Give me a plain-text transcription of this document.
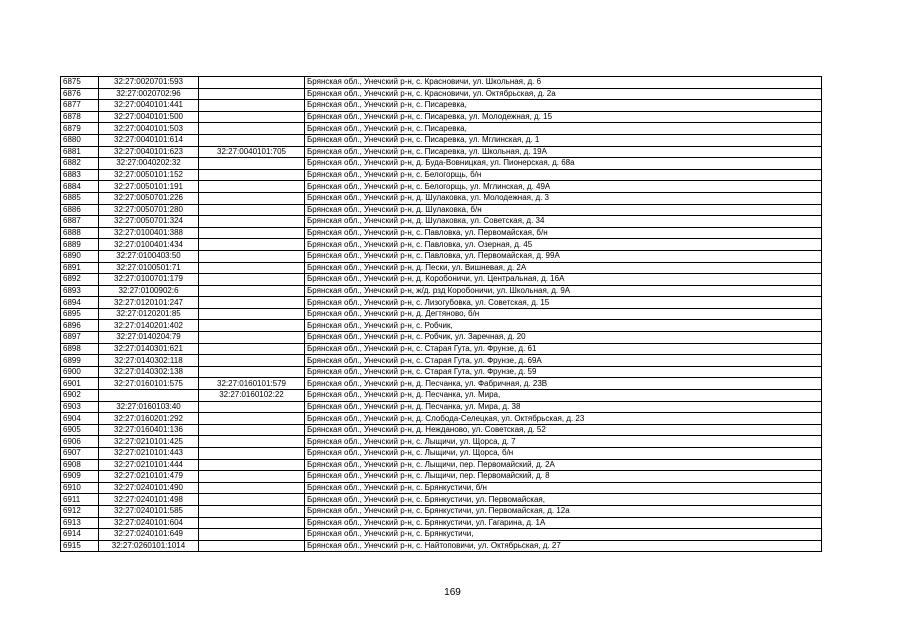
6875	32:27:0020701:593		Брянская обл., Унечский р-н, с. Красновичи, ул. Школьная, д. 6
6876	32:27:0020702:96		Брянская обл., Унечский р-н, с. Красновичи, ул. Октябрьская, д. 2а
6877	32:27:0040101:441		Брянская обл., Унечский р-н, с. Писаревка,
6878	32:27:0040101:500		Брянская обл., Унечский р-н, с. Писаревка, ул. Молодежная, д. 15
6879	32:27:0040101:503		Брянская обл., Унечский р-н, с. Писаревка,
6880	32:27:0040101:614		Брянская обл., Унечский р-н, с. Писаревка, ул. Мглинская, д. 1
6881	32:27:0040101:623	32:27:0040101:705	Брянская обл., Унечский р-н, с. Писаревка, ул. Школьная, д. 19А
6882	32:27:0040202:32		Брянская обл., Унечский р-н, д. Буда-Вовницкая, ул. Пионерская, д. 68а
6883	32:27:0050101:152		Брянская обл., Унечский р-н, с. Белогорщь, б/н
6884	32:27:0050101:191		Брянская обл., Унечский р-н, с. Белогорщь, ул. Мглинская, д. 49А
6885	32:27:0050701:226		Брянская обл., Унечский р-н, д. Шулаковка, ул. Молодежная, д. 3
6886	32:27:0050701:280		Брянская обл., Унечский р-н, д. Шулаковка, б/н
6887	32:27:0050701:324		Брянская обл., Унечский р-н, д. Шулаковка, ул. Советская, д. 34
6888	32:27:0100401:388		Брянская обл., Унечский р-н, с. Павловка, ул. Первомайская, б/н
6889	32:27:0100401:434		Брянская обл., Унечский р-н, с. Павловка, ул. Озерная, д. 45
6890	32:27:0100403:50		Брянская обл., Унечский р-н, с. Павловка, ул. Первомайская, д. 99А
6891	32:27:0100501:71		Брянская обл., Унечский р-н, д. Пески, ул. Вишневая, д. 2А
6892	32:27:0100701:179		Брянская обл., Унечский р-н, д. Коробоничи, ул. Центральная, д. 16А
6893	32:27:0100902:6		Брянская обл., Унечский р-н, ж/д. рзд Коробоничи, ул. Школьная, д. 9А
6894	32:27:0120101:247		Брянская обл., Унечский р-н, с. Лизогубовка, ул. Советская, д. 15
6895	32:27:0120201:85		Брянская обл., Унечский р-н, д. Дегтяново, б/н
6896	32:27:0140201:402		Брянская обл., Унечский р-н, с. Робчик,
6897	32:27:0140204:79		Брянская обл., Унечский р-н, с. Робчик, ул. Заречная, д. 20
6898	32:27:0140301:621		Брянская обл., Унечский р-н, с. Старая Гута, ул. Фрунзе, д. 61
6899	32:27:0140302:118		Брянская обл., Унечский р-н, с. Старая Гута, ул. Фрунзе, д. 69А
6900	32:27:0140302:138		Брянская обл., Унечский р-н, с. Старая Гута, ул. Фрунзе, д. 59
6901	32:27:0160101:575	32:27:0160101:579	Брянская обл., Унечский р-н, д. Песчанка, ул. Фабричная, д. 23В
6902		32:27:0160102:22	Брянская обл., Унечский р-н, д. Песчанка, ул. Мира,
6903	32:27:0160103:40		Брянская обл., Унечский р-н, д. Песчанка, ул. Мира, д. 38
6904	32:27:0160201:292		Брянская обл., Унечский р-н, д. Слобода-Селецкая, ул. Октябрьская, д. 23
6905	32:27:0160401:136		Брянская обл., Унечский р-н, д. Нежданово, ул. Советская, д. 52
6906	32:27:0210101:425		Брянская обл., Унечский р-н, с. Лыщичи, ул. Щорса, д. 7
6907	32:27:0210101:443		Брянская обл., Унечский р-н, с. Лыщичи, ул. Щорса, б/н
6908	32:27:0210101:444		Брянская обл., Унечский р-н, с. Лыщичи, пер. Первомайский, д. 2А
6909	32:27:0210101:479		Брянская обл., Унечский р-н, с. Лыщичи, пер. Первомайский, д. 8
6910	32:27:0240101:490		Брянская обл., Унечский р-н, с. Брянкустичи, б/н
6911	32:27:0240101:498		Брянская обл., Унечский р-н, с. Брянкустичи, ул. Первомайская,
6912	32:27:0240101:585		Брянская обл., Унечский р-н, с. Брянкустичи, ул. Первомайская, д. 12а
6913	32:27:0240101:604		Брянская обл., Унечский р-н, с. Брянкустичи, ул. Гагарина, д. 1А
6914	32:27:0240101:649		Брянская обл., Унечский р-н, с. Брянкустичи,
6915	32:27:0260101:1014		Брянская обл., Унечский р-н, с. Найтоповичи, ул. Октябрьская, д. 27
169
